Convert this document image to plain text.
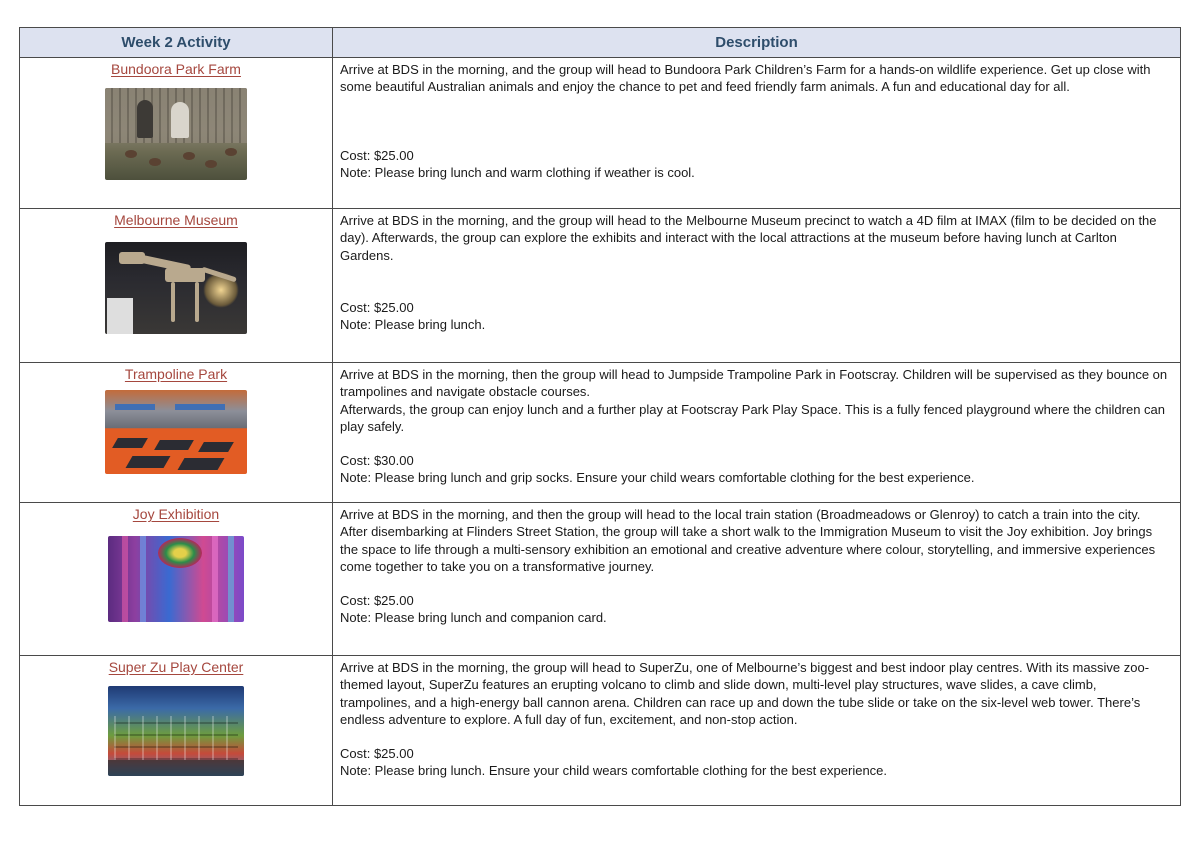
Week 2 Activity	Description
Bundoora Park Farm	Arrive at BDS in the morning, and the group will head to Bundoora Park Children’s Farm for a hands-on wildlife experience. Get up close with some beautiful Australian animals and enjoy the chance to pet and feed friendly farm animals. A fun and educational day for all.

Cost: $25.00

Note: Please bring lunch and warm clothing if weather is cool.

Melbourne Museum	Arrive at BDS in the morning, and the group will head to the Melbourne Museum precinct to watch a 4D film at IMAX (film to be decided on the day). Afterwards, the group can explore the exhibits and interact with the local attractions at the museum before having lunch at Carlton Gardens.

Cost: $25.00

Note: Please bring lunch.

Trampoline Park	Arrive at BDS in the morning, then the group will head to Jumpside Trampoline Park in Footscray. Children will be supervised as they bounce on trampolines and navigate obstacle courses.

Afterwards, the group can enjoy lunch and a further play at Footscray Park Play Space. This is a fully fenced playground where the children can play safely.

Cost: $30.00

Note: Please bring lunch and grip socks. Ensure your child wears comfortable clothing for the best experience.

Joy Exhibition	Arrive at BDS in the morning, and then the group will head to the local train station (Broadmeadows or Glenroy) to catch a train into the city. After disembarking at Flinders Street Station, the group will take a short walk to the Immigration Museum to visit the Joy exhibition. Joy brings the space to life through a multi-sensory exhibition an emotional and creative adventure where colour, storytelling, and immersive experiences come together to take you on a transformative journey.

Cost: $25.00

Note: Please bring lunch and companion card.

Super Zu Play Center	Arrive at BDS in the morning, the group will head to SuperZu, one of Melbourne’s biggest and best indoor play centres. With its massive zoo-themed layout, SuperZu features an erupting volcano to climb and slide down, multi-level play structures, wave slides, a cave climb, trampolines, and a high-energy ball cannon arena. Children can race up and down the tube slide or take on the six-level web tower. There’s endless adventure to explore. A full day of fun, excitement, and non-stop action.

Cost: $25.00

Note: Please bring lunch. Ensure your child wears comfortable clothing for the best experience.
